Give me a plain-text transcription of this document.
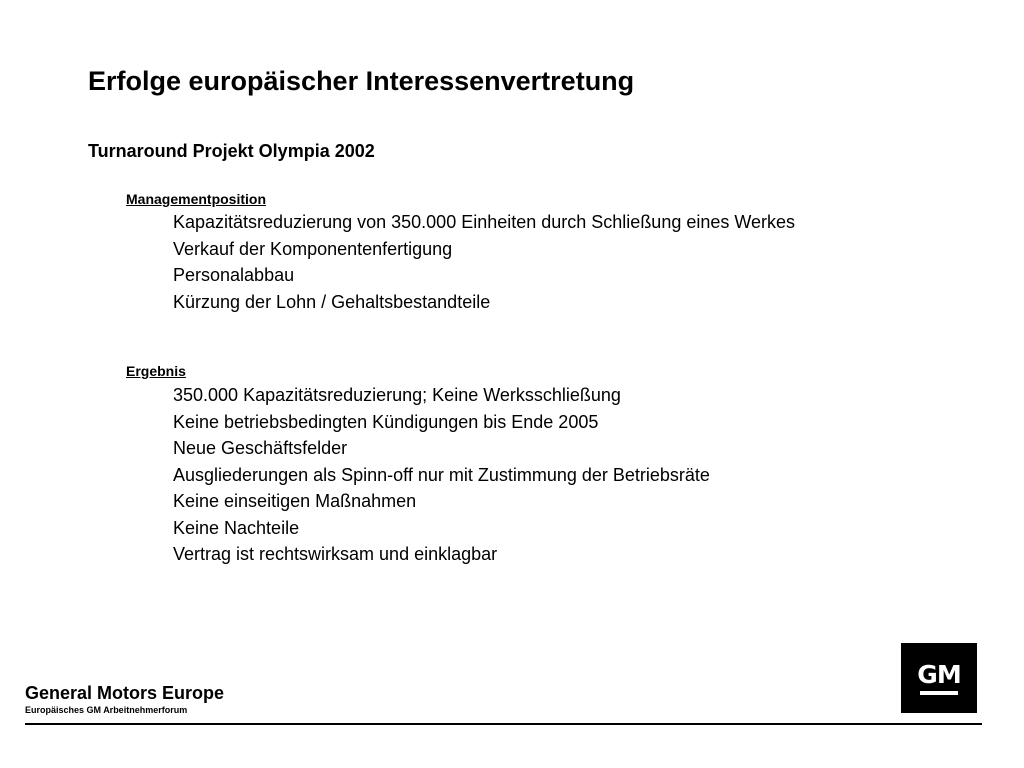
Erfolge europäischer Interessenvertretung
Turnaround Projekt Olympia 2002
Managementposition
Kapazitätsreduzierung von 350.000 Einheiten durch Schließung eines Werkes
Verkauf der Komponentenfertigung
Personalabbau
Kürzung der Lohn / Gehaltsbestandteile
Ergebnis
350.000 Kapazitätsreduzierung; Keine Werksschließung
Keine betriebsbedingten Kündigungen bis Ende 2005
Neue Geschäftsfelder
Ausgliederungen als Spinn-off nur mit Zustimmung der Betriebsräte
Keine einseitigen Maßnahmen
Keine Nachteile
Vertrag ist rechtswirksam und einklagbar
General Motors Europe
Europäisches GM Arbeitnehmerforum
GM
